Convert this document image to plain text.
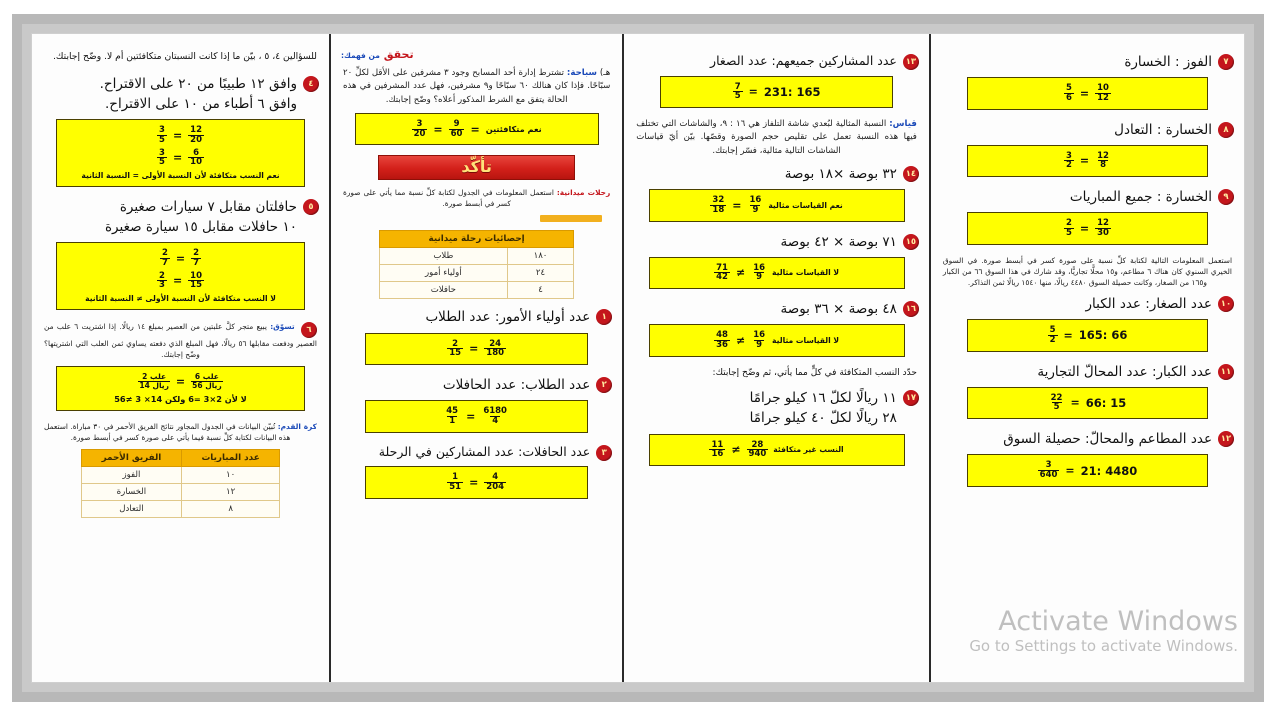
٧
الفوز : الخسارة
$\frac{10}{12}$
=
$\frac{5}{6}$
٨
الخسارة : التعادل
$\frac{12}{8}$
=
$\frac{3}{2}$
٩
الخسارة : جميع المباريات
$\frac{12}{30}$
=
$\frac{2}{5}$
استعمل المعلومات التالية لكتابة كلِّ نسبة على صورة كسر في أبسط صورة. في السوق الخيري السنوي كان هناك ٦ مطاعم، و١٥ محلًّا تجاريًّا، وقد شارك في هذا السوق ٦٦ من الكبار و١٦٥ من الصغار، وكانت حصيلة السوق ٤٤٨٠ ريالًا، منها ١٥٤٠ ريالًا ثمن التذاكر.
١٠
عدد الصغار: عدد الكبار
165: 66
=
$\frac{5}{2}$
١١
عدد الكبار: عدد المحالّ التجارية
66: 15
=
$\frac{22}{5}$
١٢
عدد المطاعم والمحالّ: حصيلة السوق
21: 4480
=
$\frac{3}{640}$
١٣
عدد المشاركين جميعهم: عدد الصغار
231: 165
=
$\frac{7}{5}$
قياس: النسبة المثالية لبُعدي شاشة التلفاز هي ١٦ : ٩، والشاشات التي تختلف فيها هذه النسبة تعمل على تقليص حجم الصورة وقصّها. بيّن أيّ قياسات الشاشات التالية مثالية، فسّر إجابتك.
١٤
٣٢ بوصة ×١٨ بوصة
نعم القياسات مثالية
$\frac{16}{9}$
=
$\frac{32}{18}$
١٥
٧١ بوصة × ٤٢ بوصة
لا القياسات مثالية
$\frac{16}{9}$
≠
$\frac{71}{42}$
١٦
٤٨ بوصة × ٣٦ بوصة
لا القياسات مثالية
$\frac{16}{9}$
≠
$\frac{48}{36}$
حدّد النسب المتكافئة في كلٍّ مما يأتي، ثم وضّح إجابتك:
١٧
١١ ريالًا لكلّ ١٦ كيلو جرامًا
٢٨ ريالًا لكلّ ٤٠ كيلو جرامًا
النسب غير متكافئة
$\frac{28}{940}$
≠
$\frac{11}{16}$
تحقق من فهمك:
هـ) سباحة: تشترط إدارة أحد المسابح وجود ٣ مشرفين على الأقل لكلِّ ٢٠ سبّاحًا. فإذا كان هنالك ٦٠ سبّاحًا و٩ مشرفين، فهل عدد المشرفين في هذه الحالة يتفق مع الشرط المذكور أعلاه؟ وضّح إجابتك.
نعم متكافئتين
=
$\frac{9}{60}$
=
$\frac{3}{20}$
تأكّد
رحلات ميدانية: استعمل المعلومات في الجدول لكتابة كلِّ نسبة مما يأتي على صورة كسر في أبسط صورة.
إحصائيات رحلة ميدانية	
١٨٠	طلاب
٢٤	أولياء أمور
٤	حافلات
١
عدد أولياء الأمور: عدد الطلاب
$\frac{24}{180}$
=
$\frac{2}{15}$
٢
عدد الطلاب: عدد الحافلات
$\frac{6180}{4}$
=
$\frac{45}{1}$
٣
عدد الحافلات: عدد المشاركين في الرحلة
$\frac{4}{204}$
=
$\frac{1}{51}$
للسؤالين ٤، ٥ ، بيّن ما إذا كانت النسبتان متكافئتين أم لا. وضّح إجابتك.
٤
وافق ١٢ طبيبًا من ٢٠ على الاقتراح.
وافق ٦ أطباء من ١٠ على الاقتراح.
$\frac{12}{20}$
=
$\frac{3}{5}$
$\frac{6}{10}$
=
$\frac{3}{5}$
نعم النسب متكافئة لأن النسبة الأولى = النسبة الثانية
٥
حافلتان مقابل ٧ سيارات صغيرة
١٠ حافلات مقابل ١٥ سيارة صغيرة
$\frac{2}{7}$
=
$\frac{2}{7}$
$\frac{10}{15}$
=
$\frac{2}{3}$
لا النسب متكافئة لأن النسبة الأولى ≠ النسبة الثانية
٦ تسوّق: يبيع متجر كلَّ علبتين من العصير بمبلغ ١٤ ريالًا. إذا اشتريت ٦ علب من العصير ودفعت مقابلها ٥٦ ريالًا، فهل المبلغ الذي دفعته يساوي ثمن العلب التي اشتريتها؟ وضّح إجابتك.
$\frac{\text{6 علب}}{\text{56 ريال}}$
=
$\frac{\text{2 علب}}{\text{14 ريال}}$
لا لأن 2×3 =6 ولكن 14× 3 ≠56
كرة القدم: تُبيّن البيانات في الجدول المجاور نتائج الفريق الأحمر في ٣٠ مباراة. استعمل هذه البيانات لكتابة كلِّ نسبة فيما يأتي على صورة كسر في أبسط صورة.
عدد المباريات	الفريق الأحمر
١٠	الفوز
١٢	الخسارة
٨	التعادل
Activate Windows
Go to Settings to activate Windows.
